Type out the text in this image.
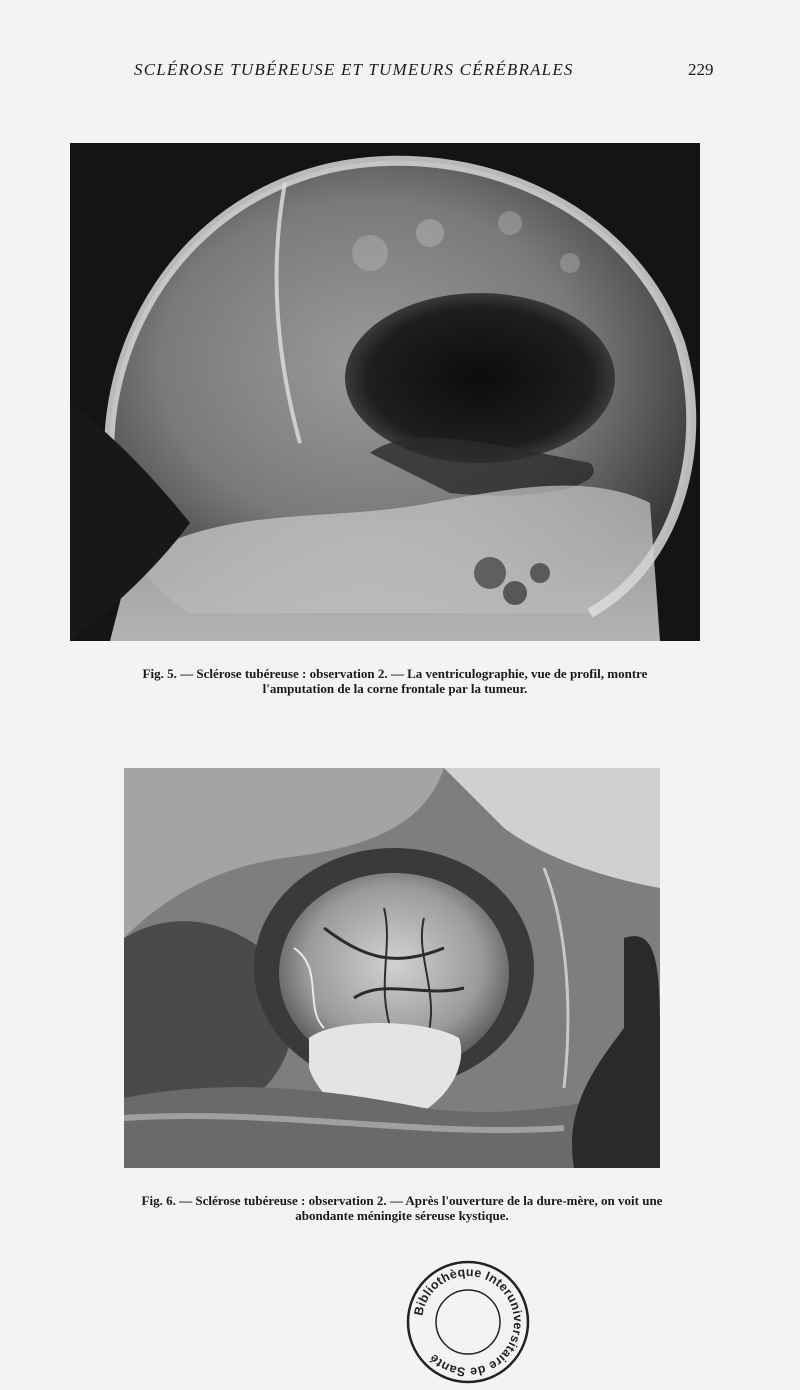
SCLÉROSE TUBÉREUSE ET TUMEURS CÉRÉBRALES	229
Fig. 5. — Sclérose tubéreuse : observation 2. — La ventriculographie, vue de profil, montre
l'amputation de la corne frontale par la tumeur.
Fig. 6. — Sclérose tubéreuse : observation 2. — Après l'ouverture de la dure-mère, on voit une
abondante méningite séreuse kystique.
Bibliothèque Interuniversitaire de Santé
